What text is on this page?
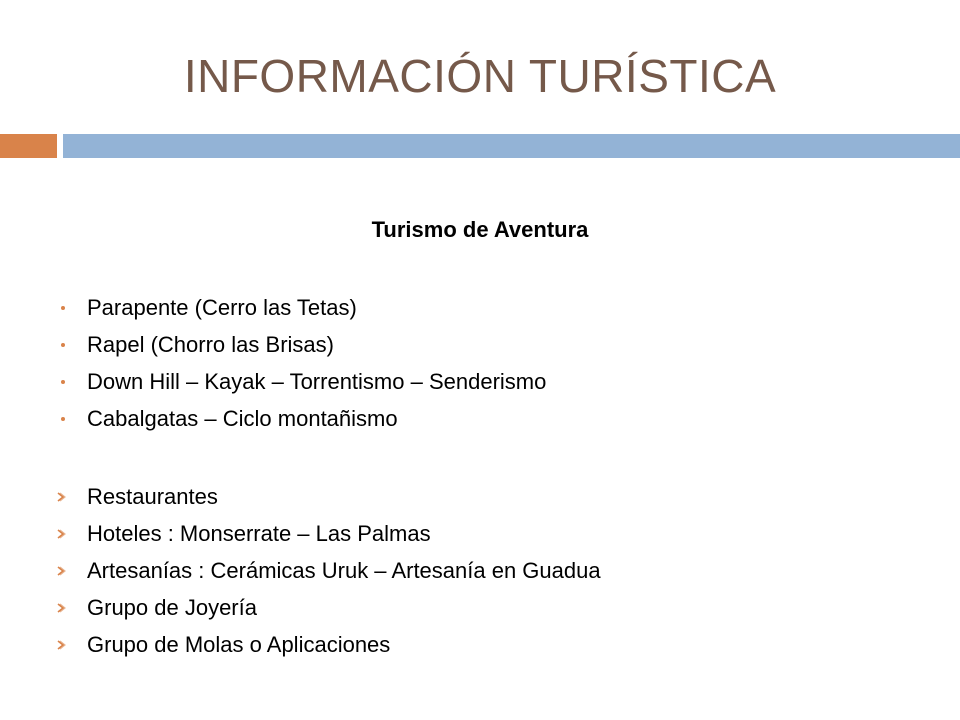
INFORMACIÓN TURÍSTICA
Turismo de Aventura
Parapente (Cerro las Tetas)
Rapel (Chorro las Brisas)
Down Hill – Kayak – Torrentismo – Senderismo
Cabalgatas – Ciclo montañismo
Restaurantes
Hoteles : Monserrate – Las Palmas
Artesanías : Cerámicas Uruk – Artesanía en Guadua
Grupo de Joyería
Grupo de Molas o Aplicaciones
